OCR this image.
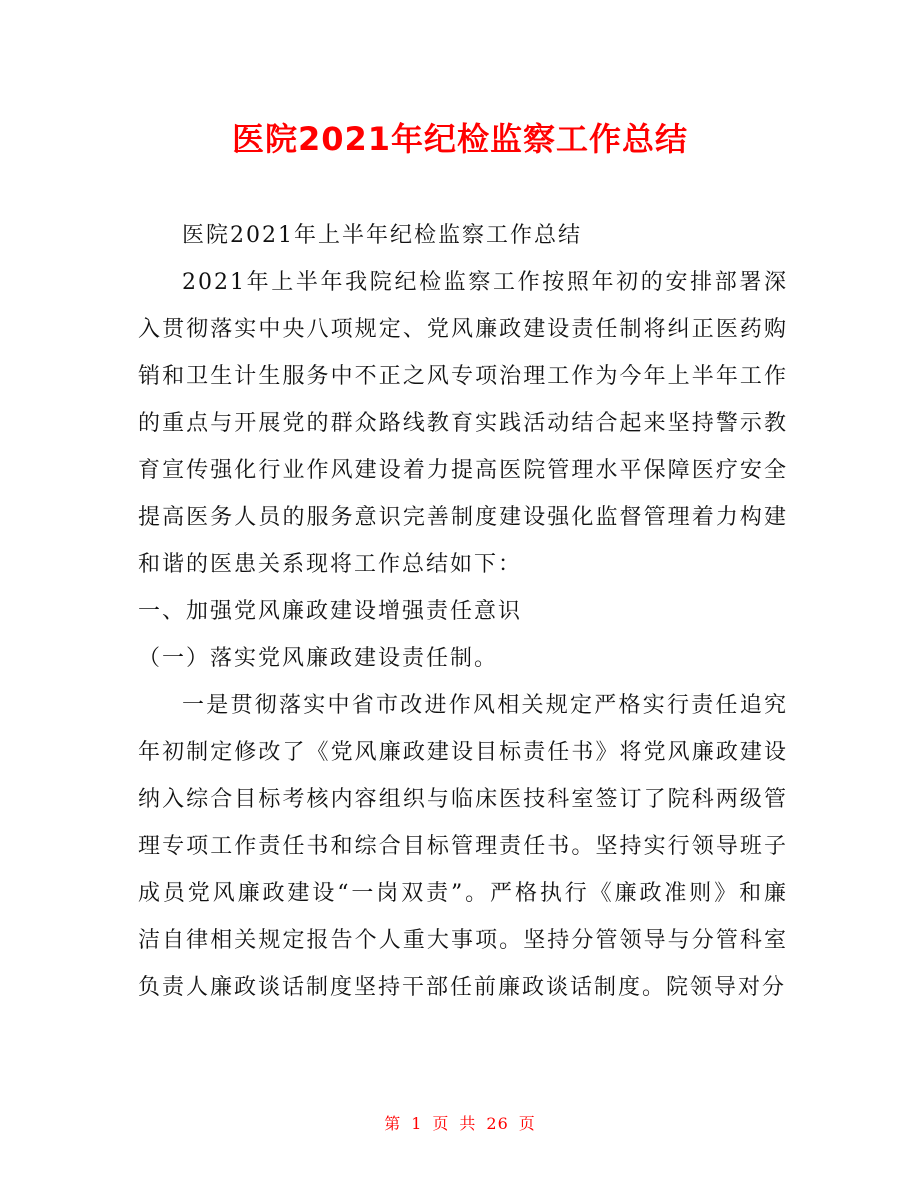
医院2021年纪检监察工作总结

医院2021年上半年纪检监察工作总结

2021年上半年我院纪检监察工作按照年初的安排部署深入贯彻落实中央八项规定、党风廉政建设责任制将纠正医药购销和卫生计生服务中不正之风专项治理工作为今年上半年工作的重点与开展党的群众路线教育实践活动结合起来坚持警示教育宣传强化行业作风建设着力提高医院管理水平保障医疗安全提高医务人员的服务意识完善制度建设强化监督管理着力构建和谐的医患关系现将工作总结如下：

一、加强党风廉政建设增强责任意识

（一）落实党风廉政建设责任制。

一是贯彻落实中省市改进作风相关规定严格实行责任追究年初制定修改了《党风廉政建设目标责任书》将党风廉政建设纳入综合目标考核内容组织与临床医技科室签订了院科两级管理专项工作责任书和综合目标管理责任书。坚持实行领导班子成员党风廉政建设“一岗双责”。严格执行《廉政准则》和廉洁自律相关规定报告个人重大事项。坚持分管领导与分管科室负责人廉政谈话制度坚持干部任前廉政谈话制度。院领导对分

第 1 页 共 26 页
